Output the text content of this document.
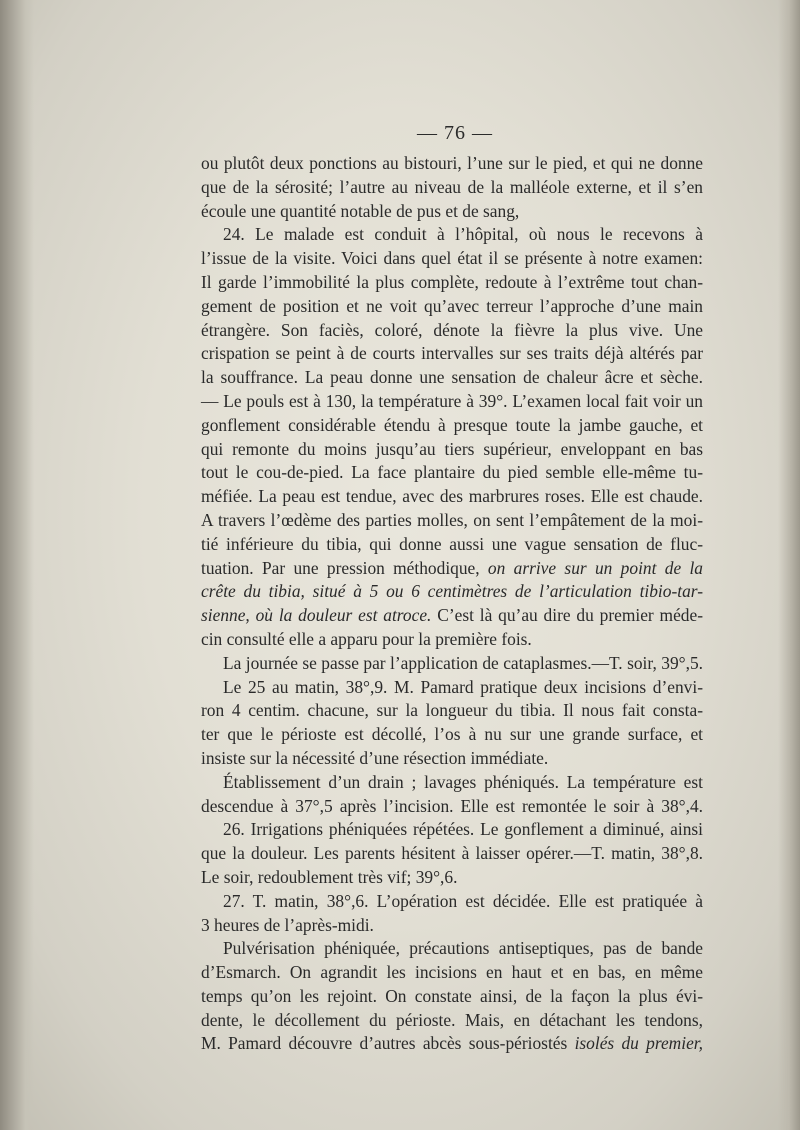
— 76 —
ou plutôt deux ponctions au bistouri, l’une sur le pied, et qui ne donne
que de la sérosité; l’autre au niveau de la malléole externe, et il s’en
écoule une quantité notable de pus et de sang,
24. Le malade est conduit à l’hôpital, où nous le recevons à
l’issue de la visite. Voici dans quel état il se présente à notre examen:
Il garde l’immobilité la plus complète, redoute à l’extrême tout chan-
gement de position et ne voit qu’avec terreur l’approche d’une main
étrangère. Son faciès, coloré, dénote la fièvre la plus vive. Une
crispation se peint à de courts intervalles sur ses traits déjà altérés par
la souffrance. La peau donne une sensation de chaleur âcre et sèche.
— Le pouls est à 130, la température à 39°. L’examen local fait voir un
gonflement considérable étendu à presque toute la jambe gauche, et
qui remonte du moins jusqu’au tiers supérieur, enveloppant en bas
tout le cou-de-pied. La face plantaire du pied semble elle-même tu-
méfiée. La peau est tendue, avec des marbrures roses. Elle est chaude.
A travers l’œdème des parties molles, on sent l’empâtement de la moi-
tié inférieure du tibia, qui donne aussi une vague sensation de fluc-
tuation. Par une pression méthodique, on arrive sur un point de la
crête du tibia, situé à 5 ou 6 centimètres de l’articulation tibio-tar-
sienne, où la douleur est atroce. C’est là qu’au dire du premier méde-
cin consulté elle a apparu pour la première fois.
La journée se passe par l’application de cataplasmes.—T. soir, 39°,5.
Le 25 au matin, 38°,9. M. Pamard pratique deux incisions d’envi-
ron 4 centim. chacune, sur la longueur du tibia. Il nous fait consta-
ter que le périoste est décollé, l’os à nu sur une grande surface, et
insiste sur la nécessité d’une résection immédiate.
Établissement d’un drain ; lavages phéniqués. La température est
descendue à 37°,5 après l’incision. Elle est remontée le soir à 38°,4.
26. Irrigations phéniquées répétées. Le gonflement a diminué, ainsi
que la douleur. Les parents hésitent à laisser opérer.—T. matin, 38°,8.
Le soir, redoublement très vif; 39°,6.
27. T. matin, 38°,6. L’opération est décidée. Elle est pratiquée à
3 heures de l’après-midi.
Pulvérisation phéniquée, précautions antiseptiques, pas de bande
d’Esmarch. On agrandit les incisions en haut et en bas, en même
temps qu’on les rejoint. On constate ainsi, de la façon la plus évi-
dente, le décollement du périoste. Mais, en détachant les tendons,
M. Pamard découvre d’autres abcès sous-périostés isolés du premier,
